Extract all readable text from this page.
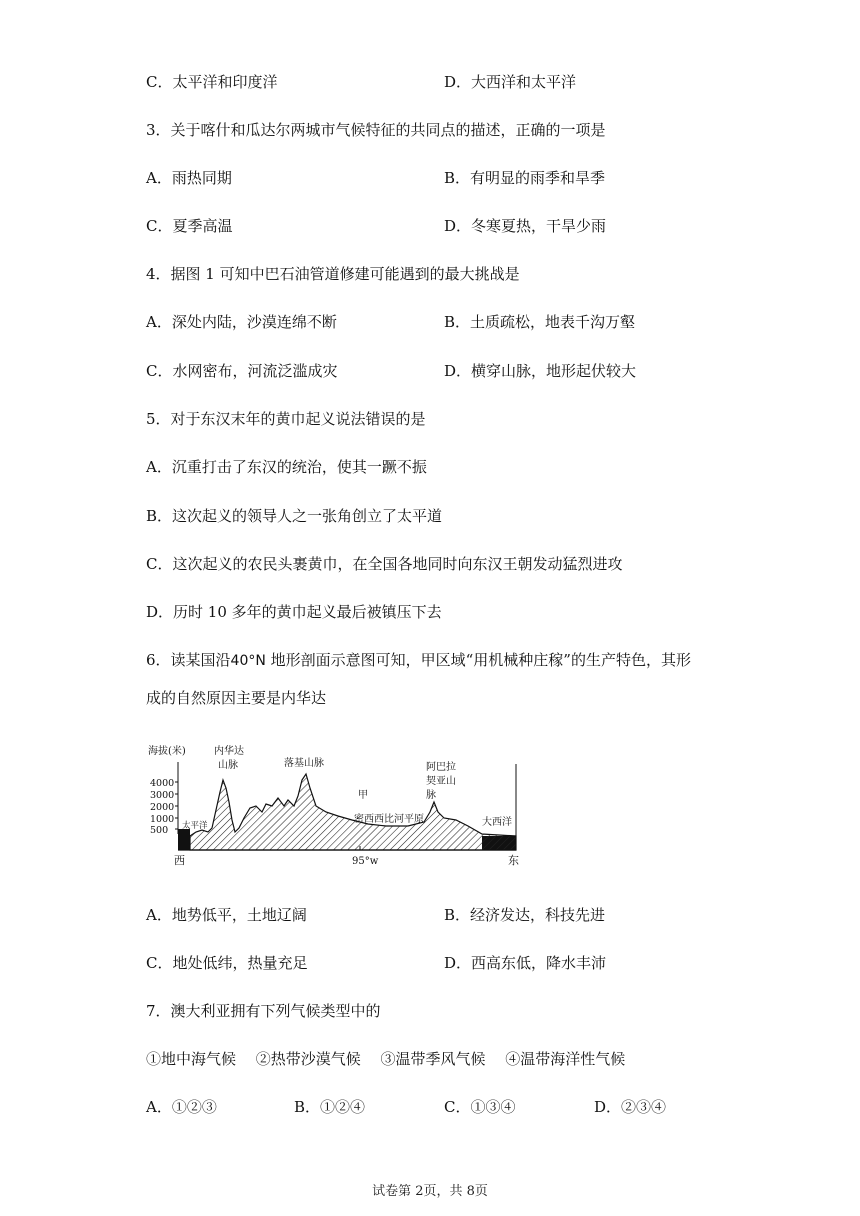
C．太平洋和印度洋	D．大西洋和太平洋
3．关于喀什和瓜达尔两城市气候特征的共同点的描述，正确的一项是
A．雨热同期	B．有明显的雨季和旱季
C．夏季高温	D．冬寒夏热，干旱少雨
4．据图 1 可知中巴石油管道修建可能遇到的最大挑战是
A．深处内陆，沙漠连绵不断	B．土质疏松，地表千沟万壑
C．水网密布，河流泛滥成灾	D．横穿山脉，地形起伏较大
5．对于东汉末年的黄巾起义说法错误的是
A．沉重打击了东汉的统治，使其一蹶不振
B．这次起义的领导人之一张角创立了太平道
C．这次起义的农民头裹黄巾，在全国各地同时向东汉王朝发动猛烈进攻
D．历时 10 多年的黄巾起义最后被镇压下去
6．读某国沿40°N 地形剖面示意图可知，甲区域“用机械种庄稼”的生产特色，其形
成的自然原因主要是内华达
海拔(米)
4000
3000
2000
1000
500 太平洋	大西洋
内华达
山脉	落基山脉
甲
密西西比河平原
阿巴拉
契亚山
脉
95°w
西	东
A．地势低平，土地辽阔	B．经济发达，科技先进
C．地处低纬，热量充足	D．西高东低，降水丰沛
7．澳大利亚拥有下列气候类型中的
①地中海气候　 ②热带沙漠气候　 ③温带季风气候　 ④温带海洋性气候
A．①②③	B．①②④	C．①③④	D．②③④
试卷第 2页，共 8页
